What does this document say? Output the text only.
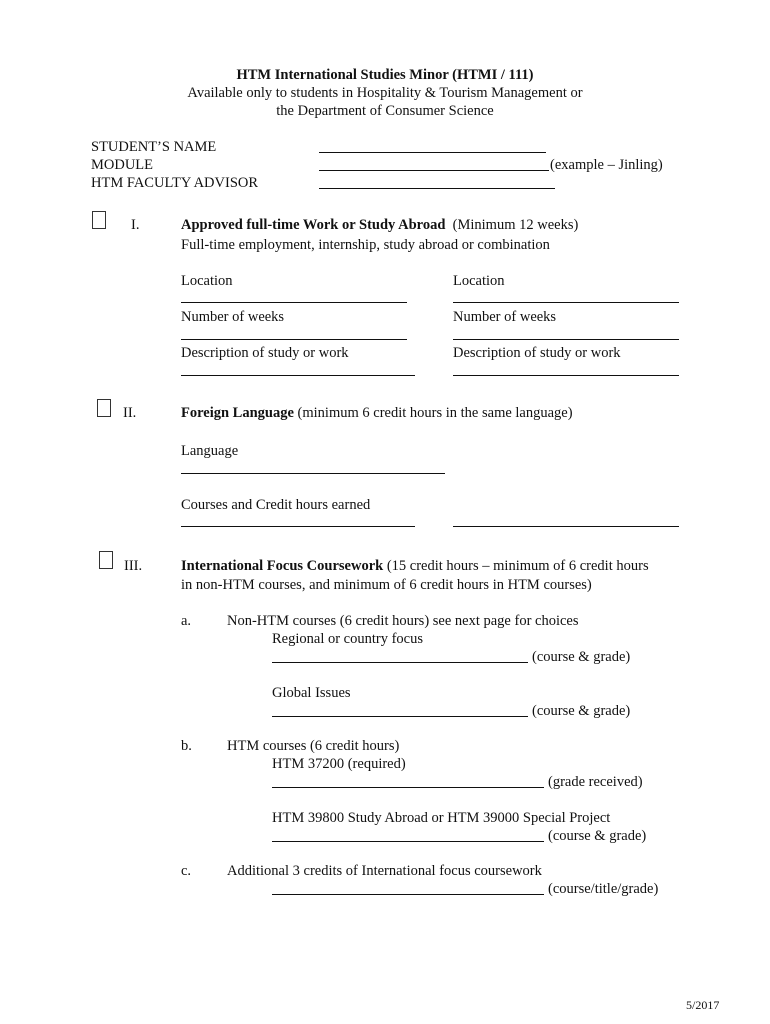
HTM International Studies Minor (HTMI / 111)
Available only to students in Hospitality & Tourism Management or
the Department of Consumer Science
STUDENT’S NAME
MODULE	(example – Jinling)
HTM FACULTY ADVISOR
I.	Approved full-time Work or Study Abroad (Minimum 12 weeks)
Full-time employment, internship, study abroad or combination
Location	Location
Number of weeks	Number of weeks
Description of study or work	Description of study or work
II.	Foreign Language (minimum 6 credit hours in the same language)
Language
Courses and Credit hours earned
III.	International Focus Coursework (15 credit hours – minimum of 6 credit hours
in non-HTM courses, and minimum of 6 credit hours in HTM courses)
a. Non-HTM courses (6 credit hours) see next page for choices
Regional or country focus
(course & grade)
Global Issues
(course & grade)
b. HTM courses (6 credit hours)
HTM 37200 (required)
(grade received)
HTM 39800 Study Abroad or HTM 39000 Special Project
(course & grade)
c. Additional 3 credits of International focus coursework
(course/title/grade)
5/2017
